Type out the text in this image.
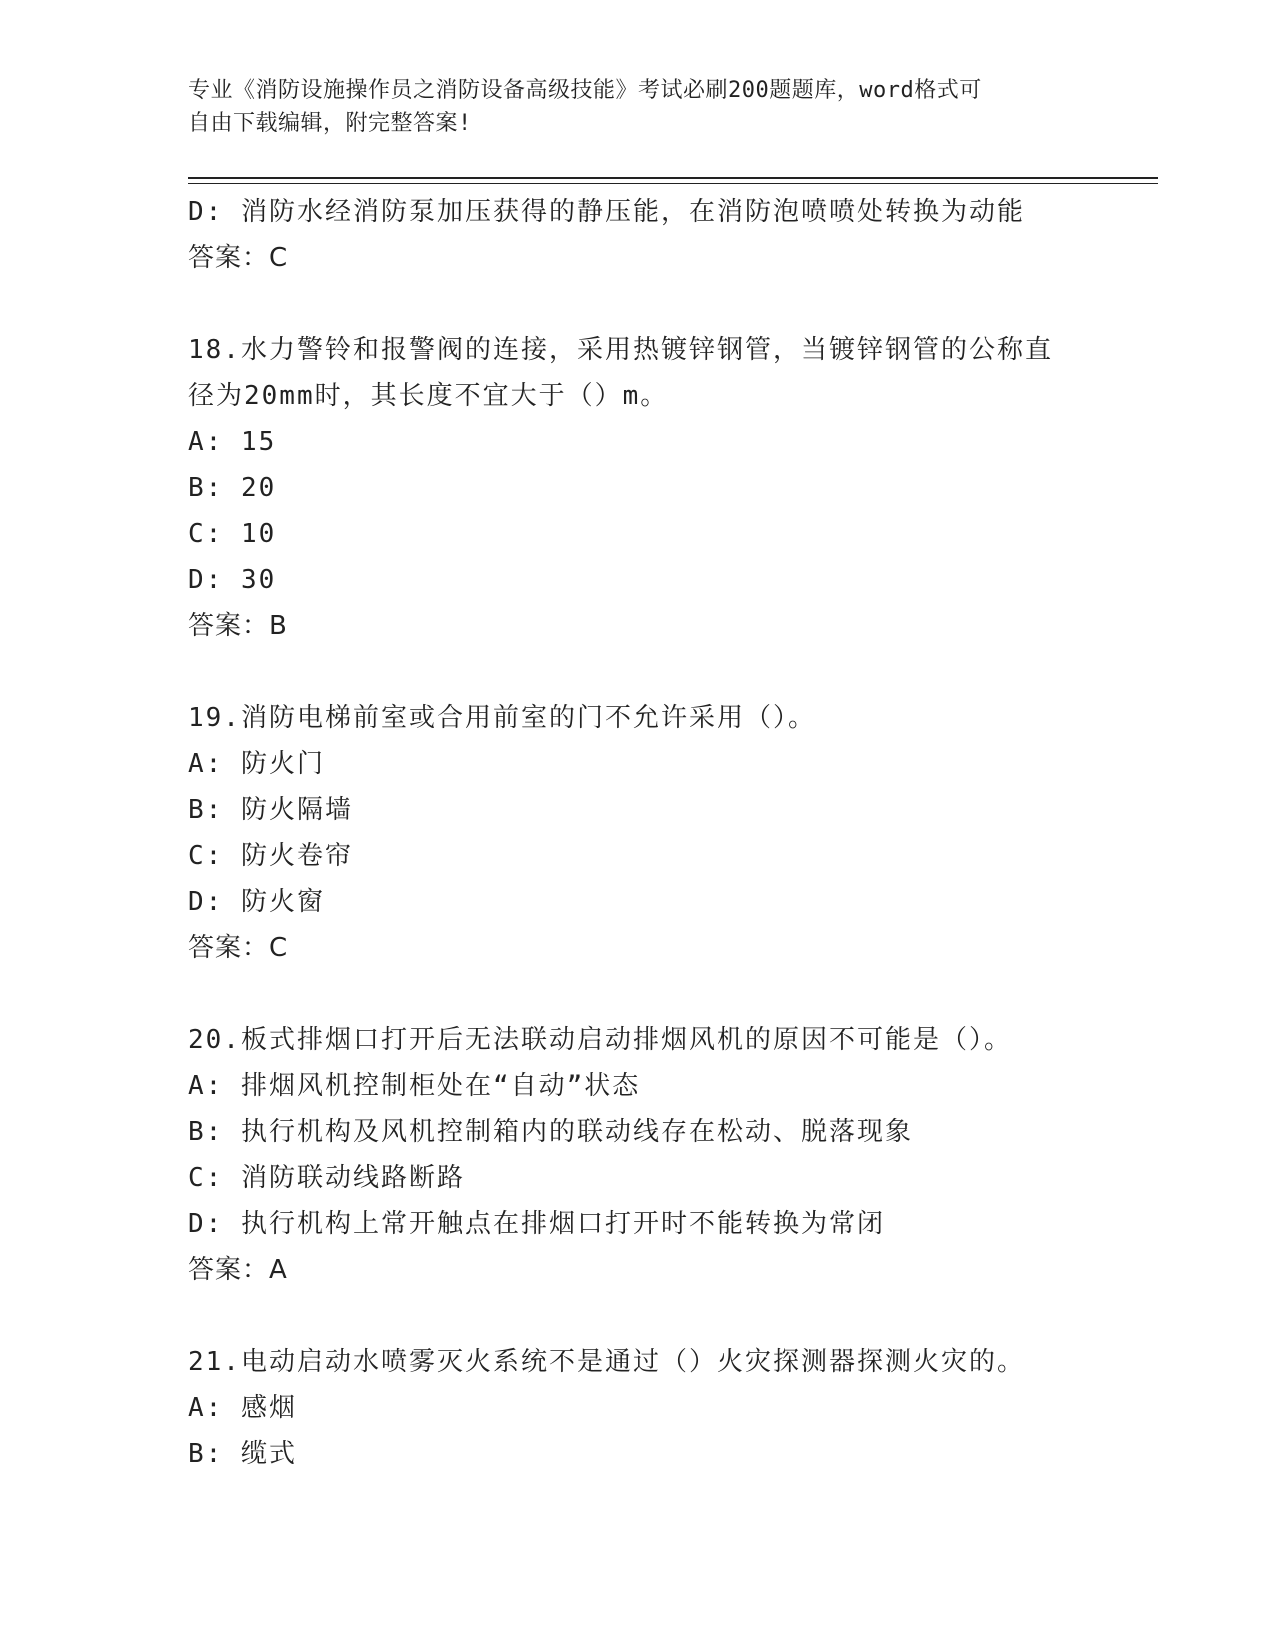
专业《消防设施操作员之消防设备高级技能》考试必刷200题题库，word格式可
自由下载编辑，附完整答案!
D: 消防水经消防泵加压获得的静压能，在消防泡喷喷处转换为动能
答案：C
18.水力警铃和报警阀的连接，采用热镀锌钢管，当镀锌钢管的公称直
径为20mm时，其长度不宜大于（）m。
A: 15
B: 20
C: 10
D: 30
答案：B
19.消防电梯前室或合用前室的门不允许采用（）。
A: 防火门
B: 防火隔墙
C: 防火卷帘
D: 防火窗
答案：C
20.板式排烟口打开后无法联动启动排烟风机的原因不可能是（）。
A: 排烟风机控制柜处在“自动”状态
B: 执行机构及风机控制箱内的联动线存在松动、脱落现象
C: 消防联动线路断路
D: 执行机构上常开触点在排烟口打开时不能转换为常闭
答案：A
21.电动启动水喷雾灭火系统不是通过（）火灾探测器探测火灾的。
A: 感烟
B: 缆式
